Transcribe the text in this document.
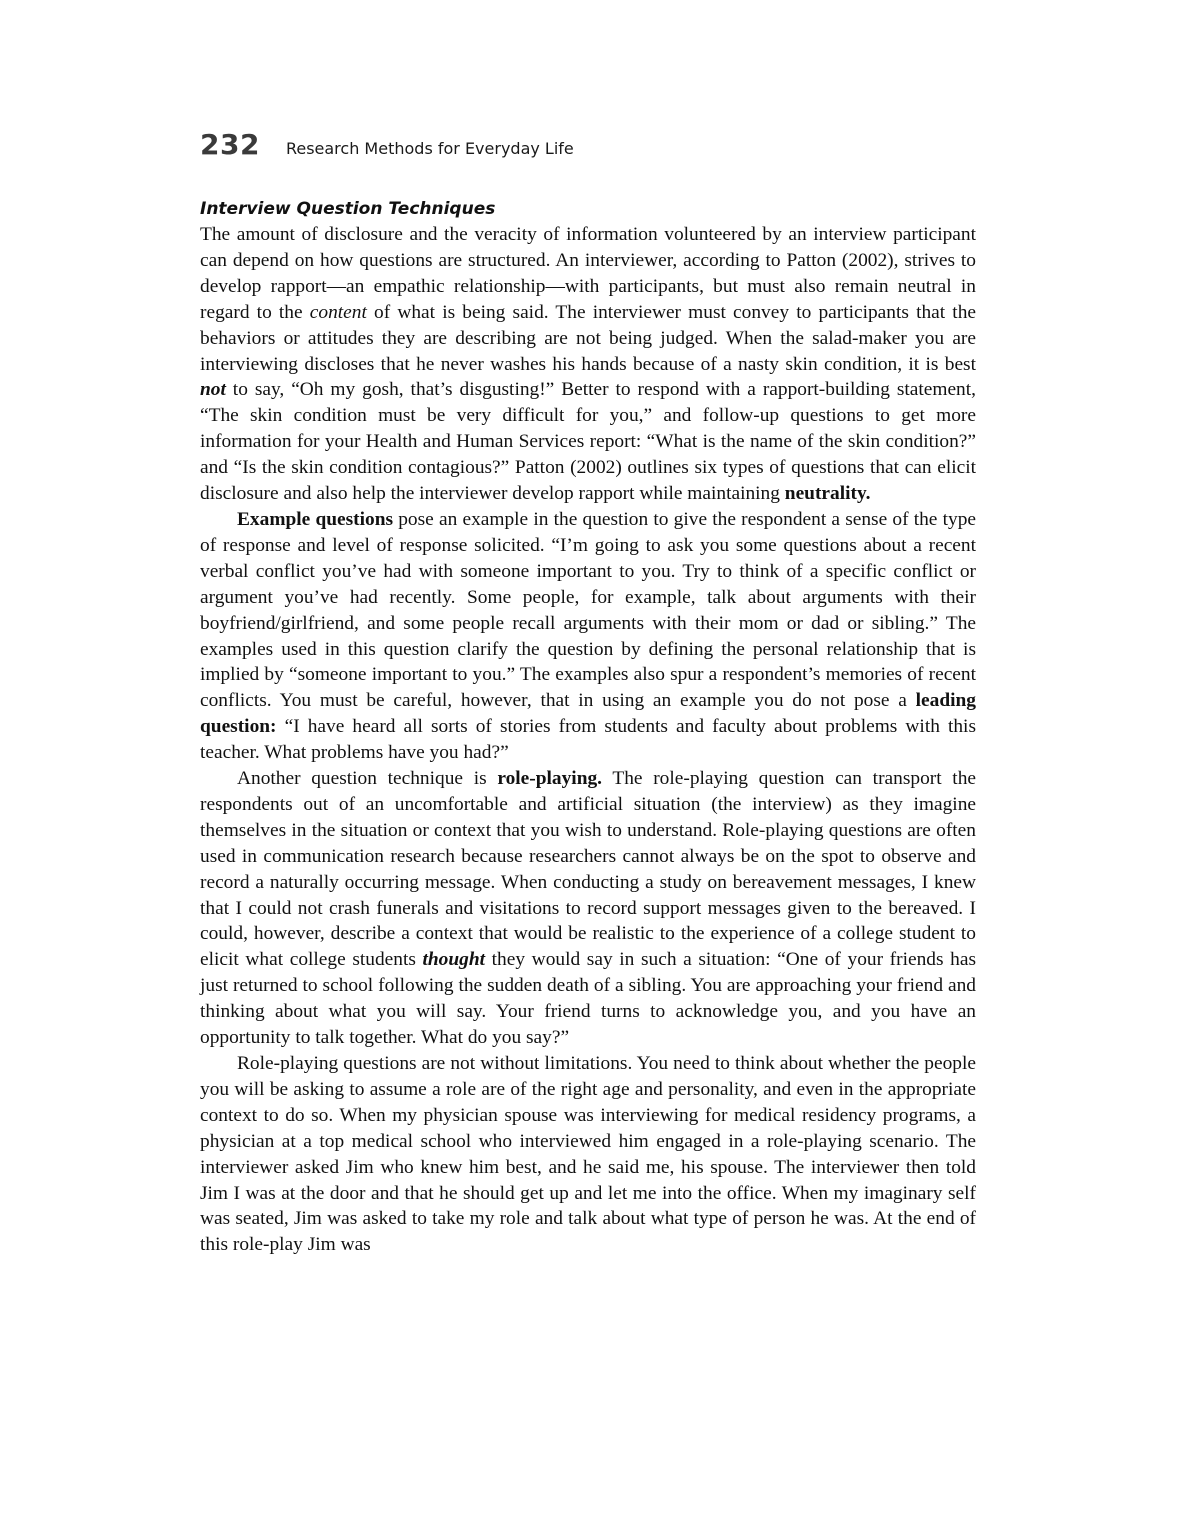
232 Research Methods for Everyday Life
Interview Question Techniques

The amount of disclosure and the veracity of information volunteered by an interview participant can depend on how questions are structured. An interviewer, according to Patton (2002), strives to develop rapport—an empathic relationship—with participants, but must also remain neutral in regard to the content of what is being said. The interviewer must convey to participants that the behaviors or attitudes they are describing are not being judged. When the salad-maker you are interviewing discloses that he never washes his hands because of a nasty skin condition, it is best not to say, “Oh my gosh, that’s disgusting!” Better to respond with a rapport-building statement, “The skin condition must be very difficult for you,” and follow-up questions to get more information for your Health and Human Services report: “What is the name of the skin condition?” and “Is the skin condition contagious?” Patton (2002) outlines six types of questions that can elicit disclosure and also help the interviewer develop rapport while maintaining neutrality.

Example questions pose an example in the question to give the respondent a sense of the type of response and level of response solicited. “I’m going to ask you some questions about a recent verbal conflict you’ve had with someone important to you. Try to think of a specific conflict or argument you’ve had recently. Some people, for example, talk about arguments with their boyfriend/girlfriend, and some people recall arguments with their mom or dad or sibling.” The examples used in this question clarify the question by defining the personal relationship that is implied by “someone important to you.” The examples also spur a respondent’s memories of recent conflicts. You must be careful, however, that in using an example you do not pose a leading question: “I have heard all sorts of stories from students and faculty about problems with this teacher. What problems have you had?”

Another question technique is role-playing. The role-playing question can transport the respondents out of an uncomfortable and artificial situation (the interview) as they imagine themselves in the situation or context that you wish to understand. Role-playing questions are often used in communication research because researchers cannot always be on the spot to observe and record a naturally occurring message. When conducting a study on bereavement messages, I knew that I could not crash funerals and visitations to record support messages given to the bereaved. I could, however, describe a context that would be realistic to the experience of a college student to elicit what college students thought they would say in such a situation: “One of your friends has just returned to school following the sudden death of a sibling. You are approaching your friend and thinking about what you will say. Your friend turns to acknowledge you, and you have an opportunity to talk together. What do you say?”

Role-playing questions are not without limitations. You need to think about whether the people you will be asking to assume a role are of the right age and personality, and even in the appropriate context to do so. When my physician spouse was interviewing for medical residency programs, a physician at a top medical school who interviewed him engaged in a role-playing scenario. The interviewer asked Jim who knew him best, and he said me, his spouse. The interviewer then told Jim I was at the door and that he should get up and let me into the office. When my imaginary self was seated, Jim was asked to take my role and talk about what type of person he was. At the end of this role-play Jim was
